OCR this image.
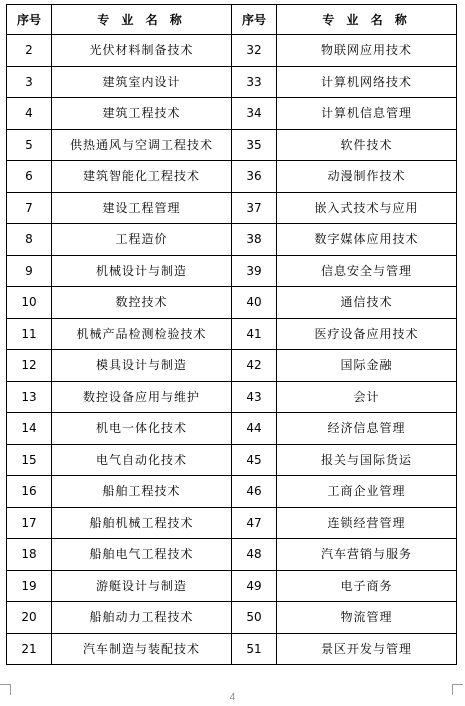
序号	专 业 名 称	序号	专 业 名 称
2	光伏材料制备技术	32	物联网应用技术
3	建筑室内设计	33	计算机网络技术
4	建筑工程技术	34	计算机信息管理
5	供热通风与空调工程技术	35	软件技术
6	建筑智能化工程技术	36	动漫制作技术
7	建设工程管理	37	嵌入式技术与应用
8	工程造价	38	数字媒体应用技术
9	机械设计与制造	39	信息安全与管理
10	数控技术	40	通信技术
11	机械产品检测检验技术	41	医疗设备应用技术
12	模具设计与制造	42	国际金融
13	数控设备应用与维护	43	会计
14	机电一体化技术	44	经济信息管理
15	电气自动化技术	45	报关与国际货运
16	船舶工程技术	46	工商企业管理
17	船舶机械工程技术	47	连锁经营管理
18	船舶电气工程技术	48	汽车营销与服务
19	游艇设计与制造	49	电子商务
20	船舶动力工程技术	50	物流管理
21	汽车制造与装配技术	51	景区开发与管理
4
